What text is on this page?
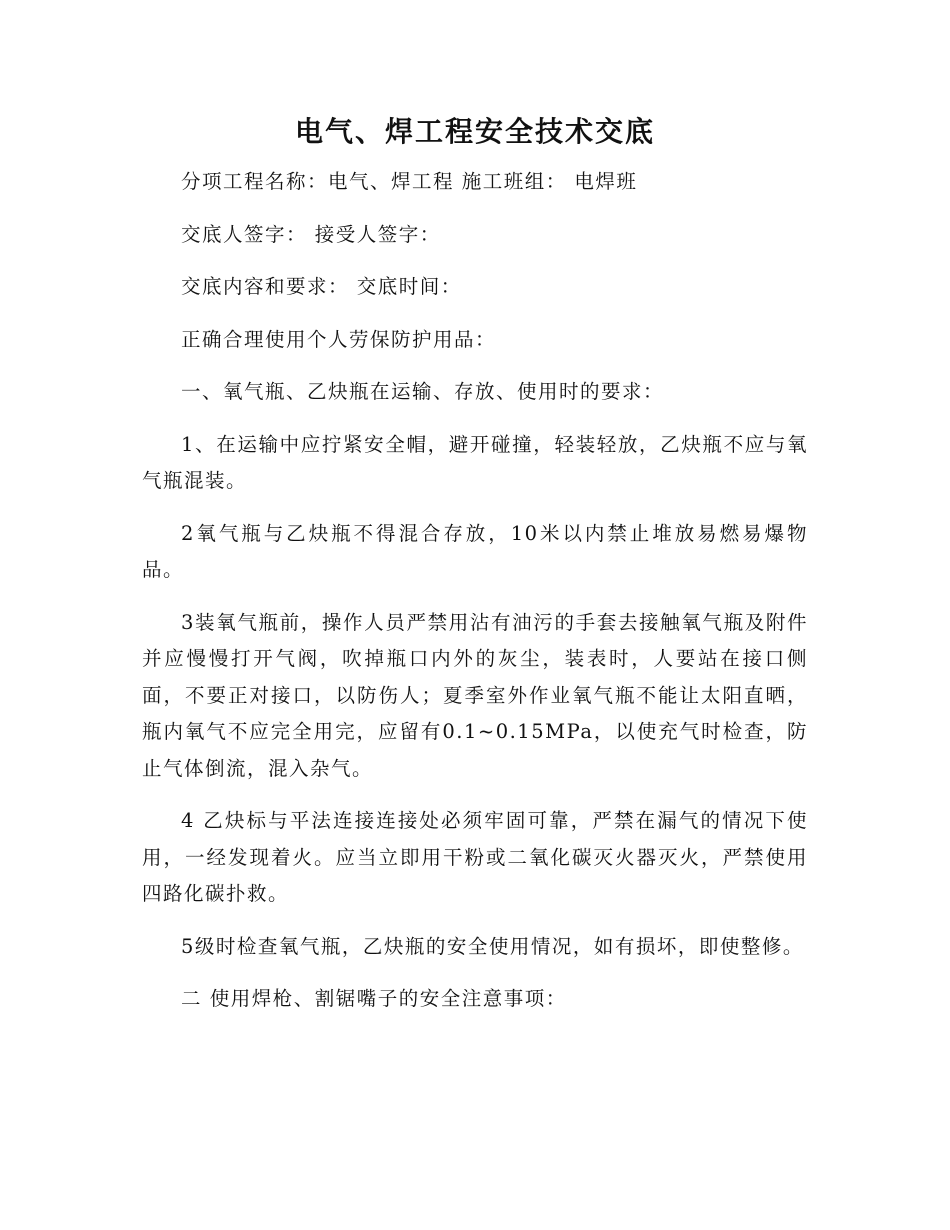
电气、焊工程安全技术交底

分项工程名称：电气、焊工程 施工班组： 电焊班

交底人签字： 接受人签字：

交底内容和要求： 交底时间：

正确合理使用个人劳保防护用品：

一、氧气瓶、乙炔瓶在运输、存放、使用时的要求：

1、在运输中应拧紧安全帽，避开碰撞，轻装轻放，乙炔瓶不应与氧气瓶混装。

2氧气瓶与乙炔瓶不得混合存放，10米以内禁止堆放易燃易爆物品。

3装氧气瓶前，操作人员严禁用沾有油污的手套去接触氧气瓶及附件并应慢慢打开气阀，吹掉瓶口内外的灰尘，装表时，人要站在接口侧面，不要正对接口，以防伤人；夏季室外作业氧气瓶不能让太阳直晒，瓶内氧气不应完全用完，应留有0.1~0.15MPa，以使充气时检查，防止气体倒流，混入杂气。

4 乙炔标与平法连接连接处必须牢固可靠，严禁在漏气的情况下使用，一经发现着火。应当立即用干粉或二氧化碳灭火器灭火，严禁使用四路化碳扑救。

5级时检查氧气瓶，乙炔瓶的安全使用情况，如有损坏，即使整修。

二 使用焊枪、割锯嘴子的安全注意事项：
